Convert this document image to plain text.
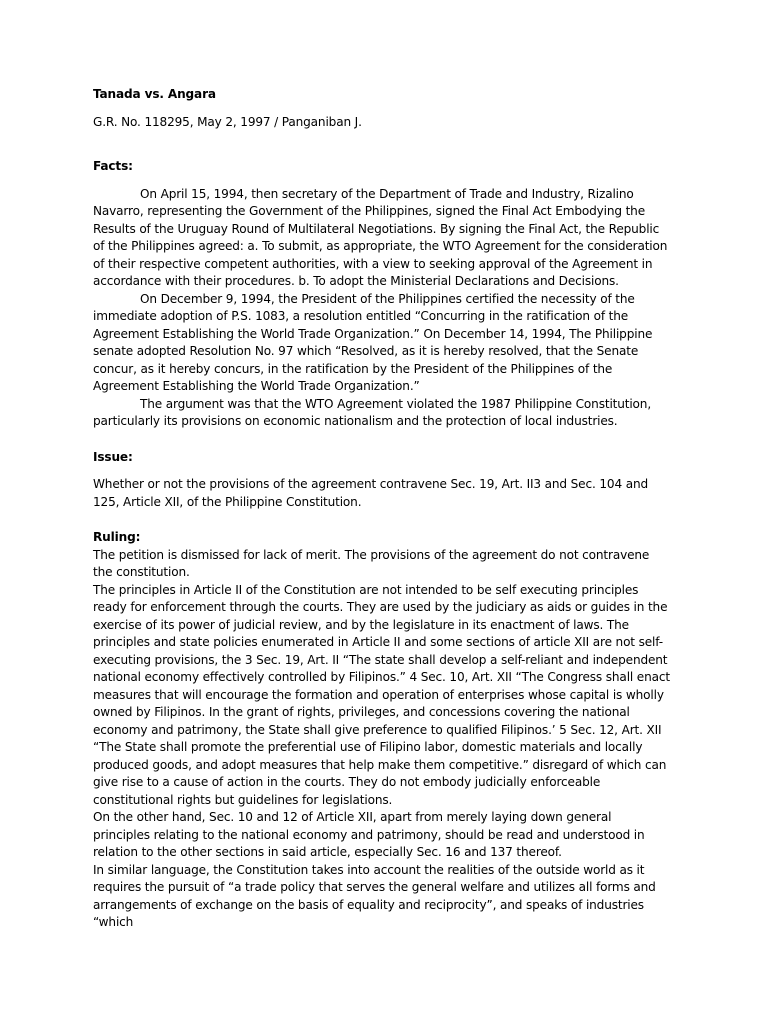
Tanada vs. Angara

G.R. No. 118295, May 2, 1997 / Panganiban J.

Facts:

On April 15, 1994, then secretary of the Department of Trade and Industry, Rizalino Navarro, representing the Government of the Philippines, signed the Final Act Embodying the Results of the Uruguay Round of Multilateral Negotiations. By signing the Final Act, the Republic of the Philippines agreed: a. To submit, as appropriate, the WTO Agreement for the consideration of their respective competent authorities, with a view to seeking approval of the Agreement in accordance with their procedures. b. To adopt the Ministerial Declarations and Decisions.

On December 9, 1994, the President of the Philippines certified the necessity of the immediate adoption of P.S. 1083, a resolution entitled “Concurring in the ratification of the Agreement Establishing the World Trade Organization.” On December 14, 1994, The Philippine senate adopted Resolution No. 97 which “Resolved, as it is hereby resolved, that the Senate concur, as it hereby concurs, in the ratification by the President of the Philippines of the Agreement Establishing the World Trade Organization.”

The argument was that the WTO Agreement violated the 1987 Philippine Constitution, particularly its provisions on economic nationalism and the protection of local industries.

Issue:

Whether or not the provisions of the agreement contravene Sec. 19, Art. II3 and Sec. 104 and 125, Article XII, of the Philippine Constitution.

Ruling:

The petition is dismissed for lack of merit. The provisions of the agreement do not contravene the constitution.

The principles in Article II of the Constitution are not intended to be self executing principles ready for enforcement through the courts. They are used by the judiciary as aids or guides in the exercise of its power of judicial review, and by the legislature in its enactment of laws. The principles and state policies enumerated in Article II and some sections of article XII are not self-executing provisions, the 3 Sec. 19, Art. II “The state shall develop a self-reliant and independent national economy effectively controlled by Filipinos.” 4 Sec. 10, Art. XII “The Congress shall enact measures that will encourage the formation and operation of enterprises whose capital is wholly owned by Filipinos. In the grant of rights, privileges, and concessions covering the national economy and patrimony, the State shall give preference to qualified Filipinos.’ 5 Sec. 12, Art. XII “The State shall promote the preferential use of Filipino labor, domestic materials and locally produced goods, and adopt measures that help make them competitive.” disregard of which can give rise to a cause of action in the courts. They do not embody judicially enforceable constitutional rights but guidelines for legislations.

On the other hand, Sec. 10 and 12 of Article XII, apart from merely laying down general principles relating to the national economy and patrimony, should be read and understood in relation to the other sections in said article, especially Sec. 16 and 137 thereof.

In similar language, the Constitution takes into account the realities of the outside world as it requires the pursuit of “a trade policy that serves the general welfare and utilizes all forms and arrangements of exchange on the basis of equality and reciprocity”, and speaks of industries “which
